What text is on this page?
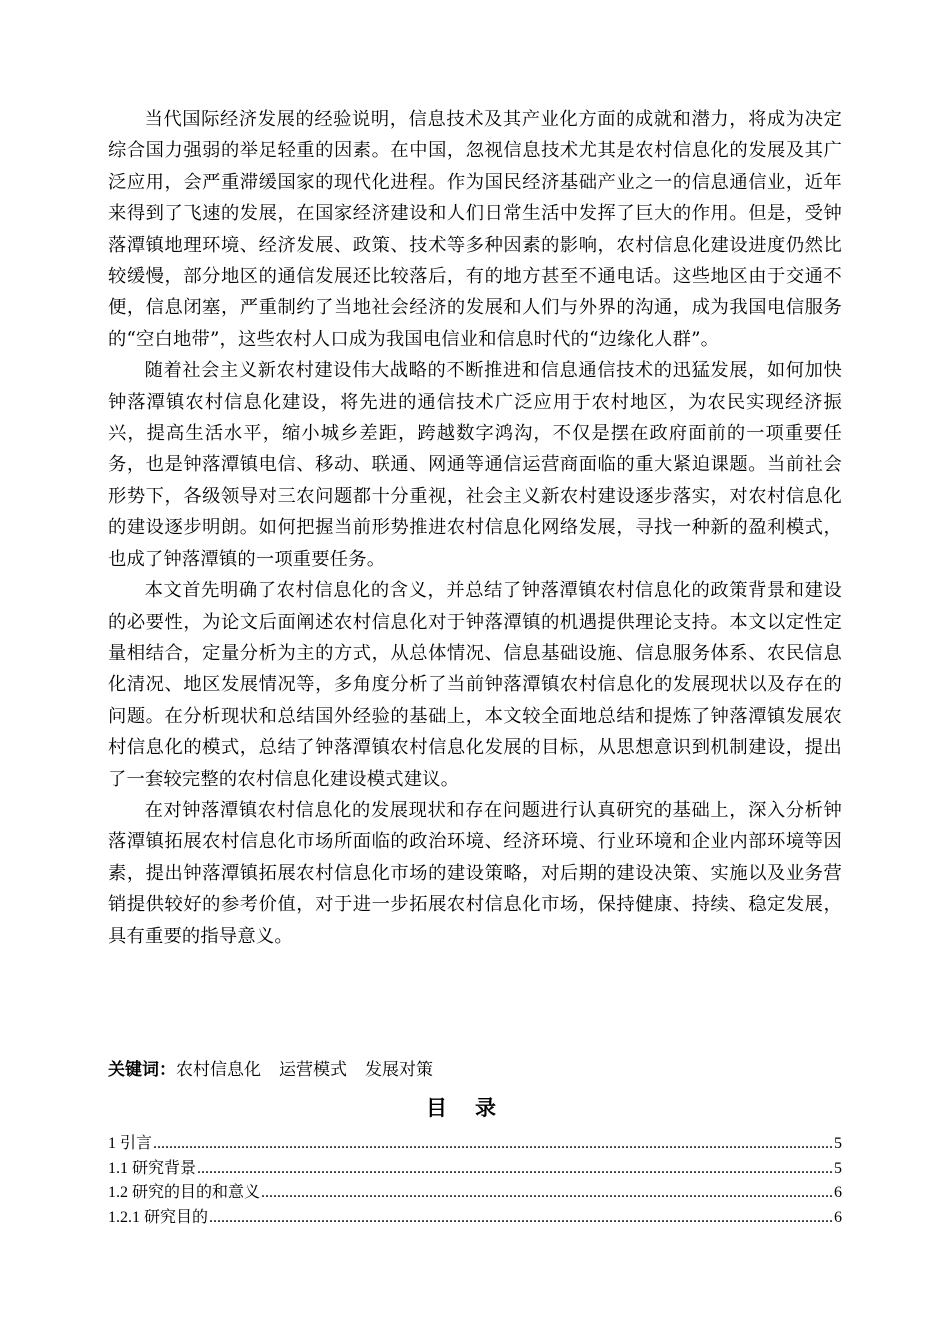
当代国际经济发展的经验说明，信息技术及其产业化方面的成就和潜力，将成为决定综合国力强弱的举足轻重的因素。在中国，忽视信息技术尤其是农村信息化的发展及其广泛应用，会严重滞缓国家的现代化进程。作为国民经济基础产业之一的信息通信业，近年来得到了飞速的发展，在国家经济建设和人们日常生活中发挥了巨大的作用。但是，受钟落潭镇地理环境、经济发展、政策、技术等多种因素的影响，农村信息化建设进度仍然比较缓慢，部分地区的通信发展还比较落后，有的地方甚至不通电话。这些地区由于交通不便，信息闭塞，严重制约了当地社会经济的发展和人们与外界的沟通，成为我国电信服务的“空白地带”，这些农村人口成为我国电信业和信息时代的“边缘化人群”。

随着社会主义新农村建设伟大战略的不断推进和信息通信技术的迅猛发展，如何加快钟落潭镇农村信息化建设，将先进的通信技术广泛应用于农村地区，为农民实现经济振兴，提高生活水平，缩小城乡差距，跨越数字鸿沟，不仅是摆在政府面前的一项重要任务，也是钟落潭镇电信、移动、联通、网通等通信运营商面临的重大紧迫课题。当前社会形势下，各级领导对三农问题都十分重视，社会主义新农村建设逐步落实，对农村信息化的建设逐步明朗。如何把握当前形势推进农村信息化网络发展，寻找一种新的盈利模式，也成了钟落潭镇的一项重要任务。

本文首先明确了农村信息化的含义，并总结了钟落潭镇农村信息化的政策背景和建设的必要性，为论文后面阐述农村信息化对于钟落潭镇的机遇提供理论支持。本文以定性定量相结合，定量分析为主的方式，从总体情况、信息基础设施、信息服务体系、农民信息化清况、地区发展情况等，多角度分析了当前钟落潭镇农村信息化的发展现状以及存在的问题。在分析现状和总结国外经验的基础上，本文较全面地总结和提炼了钟落潭镇发展农村信息化的模式，总结了钟落潭镇农村信息化发展的目标，从思想意识到机制建设，提出了一套较完整的农村信息化建设模式建议。

在对钟落潭镇农村信息化的发展现状和存在问题进行认真研究的基础上，深入分析钟落潭镇拓展农村信息化市场所面临的政治环境、经济环境、行业环境和企业内部环境等因素，提出钟落潭镇拓展农村信息化市场的建设策略，对后期的建设决策、实施以及业务营销提供较好的参考价值，对于进一步拓展农村信息化市场，保持健康、持续、稳定发展，具有重要的指导意义。

关键词：农村信息化 运营模式 发展对策
目录
1 引言 .....	5
1.1 研究背景 .....	5
1.2 研究的目的和意义 .....	6
1.2.1 研究目的 .....	6
